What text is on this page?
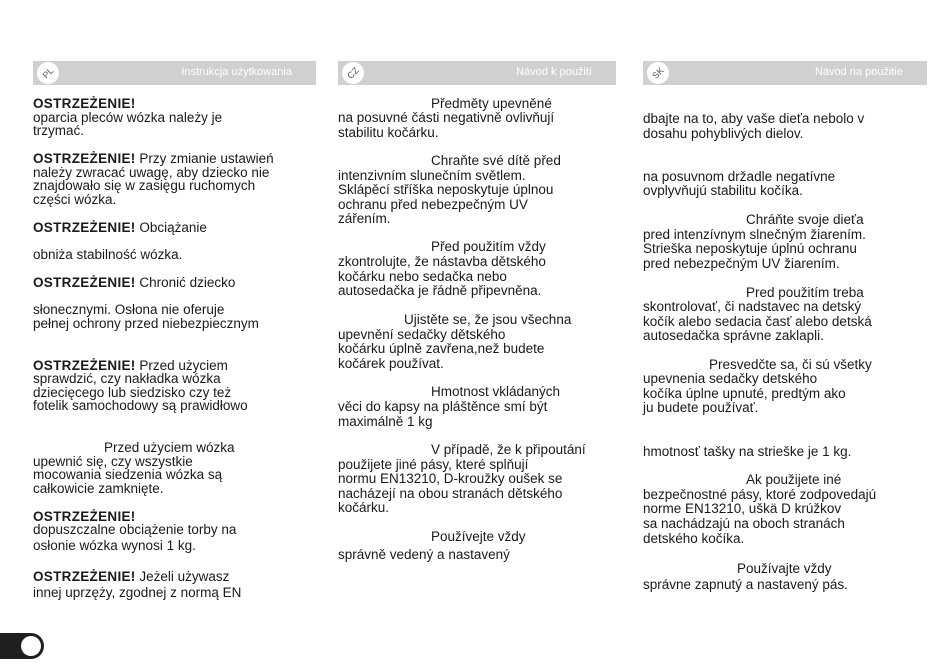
PL	Instrukcja użytkowania	CZ	Návod k použití	SK	Návod na použitie

OSTRZEŻENIE!

oparcia pleców wózka należy je

trzymać.

OSTRZEŻENIE! Przy zmianie ustawień

należy zwracać uwagę, aby dziecko nie

znajdowało się w zasięgu ruchomych

części wózka.

OSTRZEŻENIE! Obciążanie

obniża stabilność wózka.

OSTRZEŻENIE! Chronić dziecko

słonecznymi. Osłona nie oferuje

pełnej ochrony przed niebezpiecznym

OSTRZEŻENIE! Przed użyciem

sprawdzić, czy nakładka wózka

dziecięcego lub siedzisko czy też

fotelik samochodowy są prawidłowo

Przed użyciem wózka

upewnić się, czy wszystkie

mocowania siedzenia wózka są

całkowicie zamknięte.

OSTRZEŻENIE!

dopuszczalne obciążenie torby na

osłonie wózka wynosi 1 kg.

OSTRZEŻENIE! Jeżeli używasz

innej uprzęży, zgodnej z normą EN

Předměty upevněné

na posuvné části negativně ovlivňují

stabilitu kočárku.

Chraňte své dítě před

intenzivním slunečním světlem.

Sklápěcí stříška neposkytuje úplnou

ochranu před nebezpečným UV

zářením.

Před použitím vždy

zkontrolujte, že nástavba dětského

kočárku nebo sedačka nebo

autosedačka je řádně připevněna.

Ujistěte se, že jsou všechna

upevnění sedačky dětského

kočárku úplně zavřena,než budete

kočárek používat.

Hmotnost vkládaných

věci do kapsy na pláštěnce smí být

maximálně 1 kg

V případě, že k připoutání

použijete jiné pásy, které splňují

normu EN13210, D-kroužky oušek se

nacházejí na obou stranách dětského

kočárku.

Používejte vždy

správně vedený a nastavený

dbajte na to, aby vaše dieťa nebolo v

dosahu pohyblivých dielov.

na posuvnom držadle negatívne

ovplyvňujú stabilitu kočíka.

Chráňte svoje dieťa

pred intenzívnym slnečným žiarením.

Strieška neposkytuje úplnú ochranu

pred nebezpečným UV žiarením.

Pred použitím treba

skontrolovať, či nadstavec na detský

kočík alebo sedacia časť alebo detská

autosedačka správne zaklapli.

Presvedčte sa, či sú všetky

upevnenia sedačky detského

kočíka úplne upnuté, predtým ako

ju budete používať.

hmotnosť tašky na strieške je 1 kg.

Ak použijete iné

bezpečnostné pásy, ktoré zodpovedajú

norme EN13210, uškä D krúžkov

sa nachádzajú na oboch stranách

detského kočíka.

Používajte vždy

správne zapnutý a nastavený pás.
